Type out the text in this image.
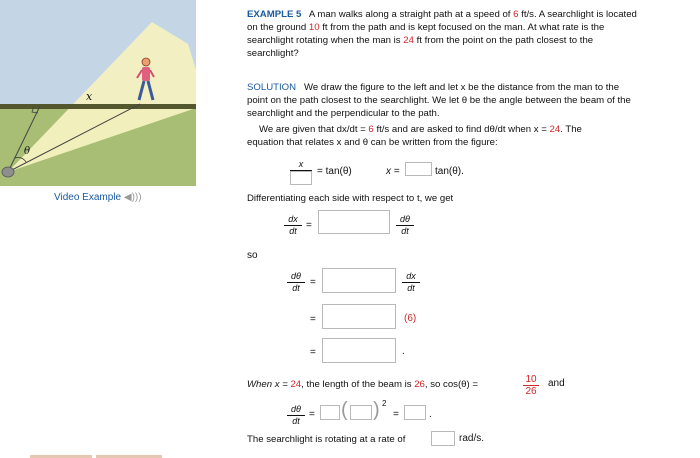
x
θ
Video Example ◀)))

EXAMPLE 5 A man walks along a straight path at a speed of 6 ft/s. A searchlight is located

on the ground 10 ft from the path and is kept focused on the man. At what rate is the

searchlight rotating when the man is 24 ft from the point on the path closest to the

searchlight?

SOLUTION We draw the figure to the left and let x be the distance from the man to the

point on the path closest to the searchlight. We let θ be the angle between the beam of the

searchlight and the perpendicular to the path.

We are given that dx/dt = 6 ft/s and are asked to find dθ/dt when x = 24. The

equation that relates x and θ can be written from the figure:

x
= tan(θ)	x =	tan(θ).

Differentiating each side with respect to t, we get

$\frac{dx}{dt}$ =	$\frac{d\theta}{dt}$
so
$\frac{d\theta}{dt}$ =	$\frac{dx}{dt}$
=	(6)
=	.

When x = 24, the length of the beam is 26, so cos(θ) =	$\frac{10}{26}$ and
$\frac{d\theta}{dt}$ = ( ) 2
=	.

The searchlight is rotating at a rate of	rad/s.
